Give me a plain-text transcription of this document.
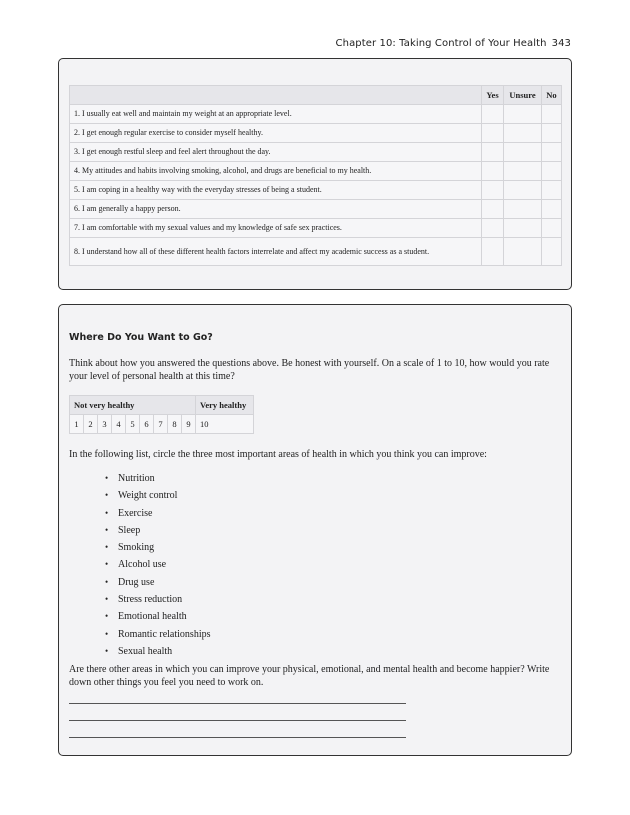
Chapter 10: Taking Control of Your Health 343
	Yes	Unsure	No
1. I usually eat well and maintain my weight at an appropriate level.			
2. I get enough regular exercise to consider myself healthy.			
3. I get enough restful sleep and feel alert throughout the day.			
4. My attitudes and habits involving smoking, alcohol, and drugs are beneficial to my health.			
5. I am coping in a healthy way with the everyday stresses of being a student.			
6. I am generally a happy person.			
7. I am comfortable with my sexual values and my knowledge of safe sex practices.			
8. I understand how all of these different health factors interrelate and affect my academic success as a student.			
Where Do You Want to Go?

Think about how you answered the questions above. Be honest with yourself. On a scale of 1 to 10, how would you rate your level of personal health at this time?

Not very healthy									Very healthy
1	2	3	4	5	6	7	8	9	10

In the following list, circle the three most important areas of health in which you think you can improve:

• Nutrition
• Weight control
• Exercise
• Sleep
• Smoking
• Alcohol use
• Drug use
• Stress reduction
• Emotional health
• Romantic relationships
• Sexual health

Are there other areas in which you can improve your physical, emotional, and mental health and become happier? Write down other things you feel you need to work on.
